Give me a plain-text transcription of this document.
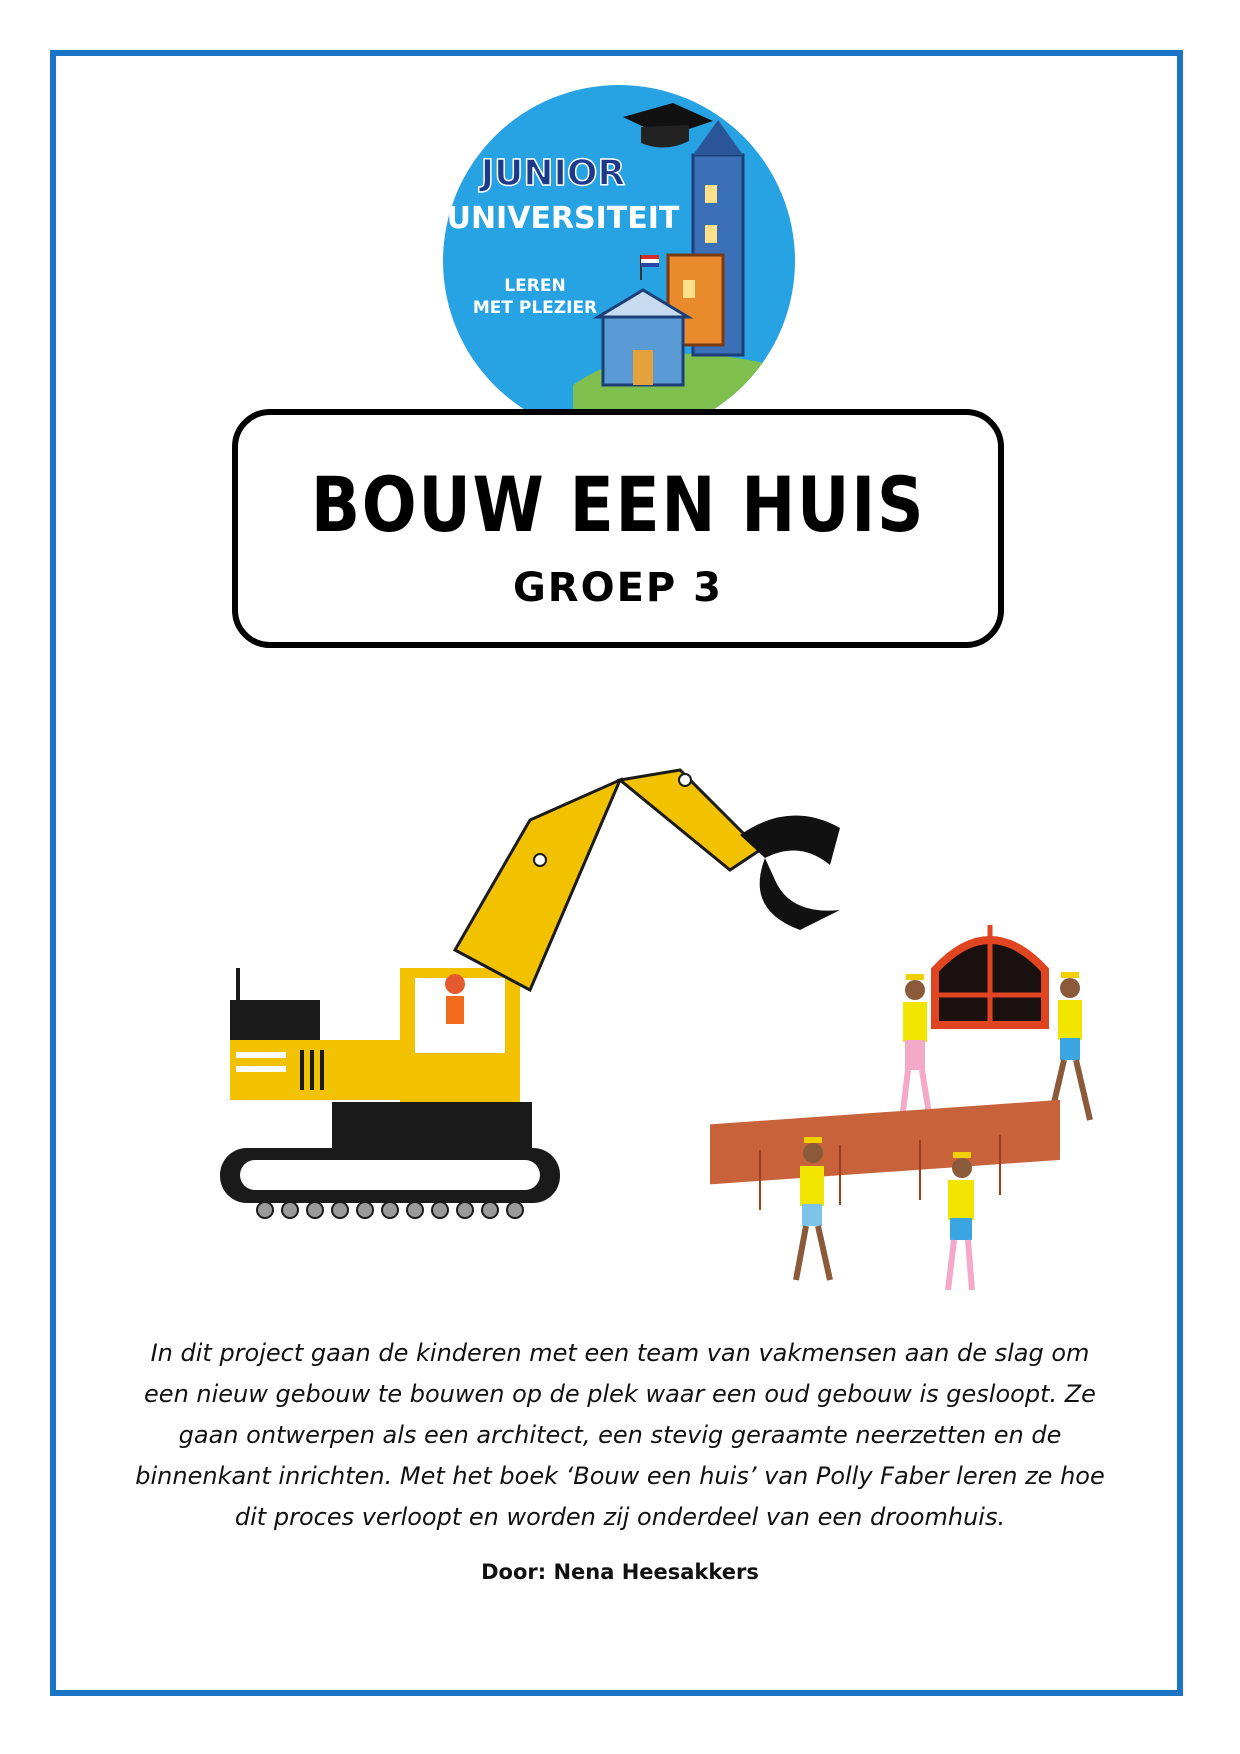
JUNIOR
UNIVERSITEIT
LEREN
MET PLEZIER
BOUW EEN HUIS
GROEP 3

In dit project gaan de kinderen met een team van vakmensen aan de slag om een nieuw gebouw te bouwen op de plek waar een oud gebouw is gesloopt. Ze gaan ontwerpen als een architect, een stevig geraamte neerzetten en de binnenkant inrichten. Met het boek ‘Bouw een huis’ van Polly Faber leren ze hoe dit proces verloopt en worden zij onderdeel van een droomhuis.

Door: Nena Heesakkers
